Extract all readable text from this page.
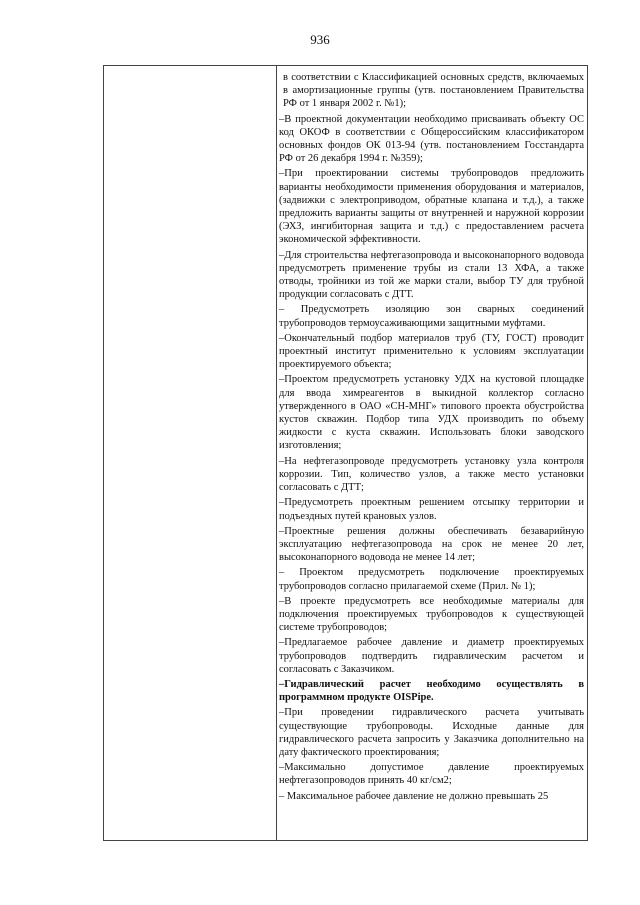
936

в соответствии с Классификацией основных средств, включаемых в амортизационные группы (утв. постановлением Правительства РФ от 1 января 2002 г. №1);

–В проектной документации необходимо присваивать объекту ОС код ОКОФ в соответствии с Общероссийским классификатором основных фондов ОК 013-94 (утв. постановлением Госстандарта РФ от 26 декабря 1994 г. №359);

–При проектировании системы трубопроводов предложить варианты необходимости применения оборудования и материалов, (задвижки с электроприводом, обратные клапана и т.д.), а также предложить варианты защиты от внутренней и наружной коррозии (ЭХЗ, ингибиторная защита и т.д.) с предоставлением расчета экономической эффективности.

–Для строительства нефтегазопровода и высоконапорного водовода предусмотреть применение трубы из стали 13 ХФА, а также отводы, тройники из той же марки стали, выбор ТУ для трубной продукции согласовать с ДТТ.

– Предусмотреть изоляцию зон сварных соединений трубопроводов термоусаживающими защитными муфтами.

–Окончательный подбор материалов труб (ТУ, ГОСТ) проводит проектный институт применительно к условиям эксплуатации проектируемого объекта;

–Проектом предусмотреть установку УДХ на кустовой площадке для ввода химреагентов в выкидной коллектор согласно утвержденного в ОАО «СН-МНГ» типового проекта обустройства кустов скважин. Подбор типа УДХ производить по объему жидкости с куста скважин. Использовать блоки заводского изготовления;

–На нефтегазопроводе предусмотреть установку узла контроля коррозии. Тип, количество узлов, а также место установки согласовать с ДТТ;

–Предусмотреть проектным решением отсыпку территории и подъездных путей крановых узлов.

–Проектные решения должны обеспечивать безаварийную эксплуатацию нефтегазопровода на срок не менее 20 лет, высоконапорного водовода не менее 14 лет;

– Проектом предусмотреть подключение проектируемых трубопроводов согласно прилагаемой схеме (Прил. № 1);

–В проекте предусмотреть все необходимые материалы для подключения проектируемых трубопроводов к существующей системе трубопроводов;

–Предлагаемое рабочее давление и диаметр проектируемых трубопроводов подтвердить гидравлическим расчетом и согласовать с Заказчиком.

–Гидравлический расчет необходимо осуществлять в программном продукте OISPipe.

–При проведении гидравлического расчета учитывать существующие трубопроводы. Исходные данные для гидравлического расчета запросить у Заказчика дополнительно на дату фактического проектирования;

–Максимально допустимое давление проектируемых нефтегазопроводов принять 40 кг/см2;

– Максимальное рабочее давление не должно превышать 25
